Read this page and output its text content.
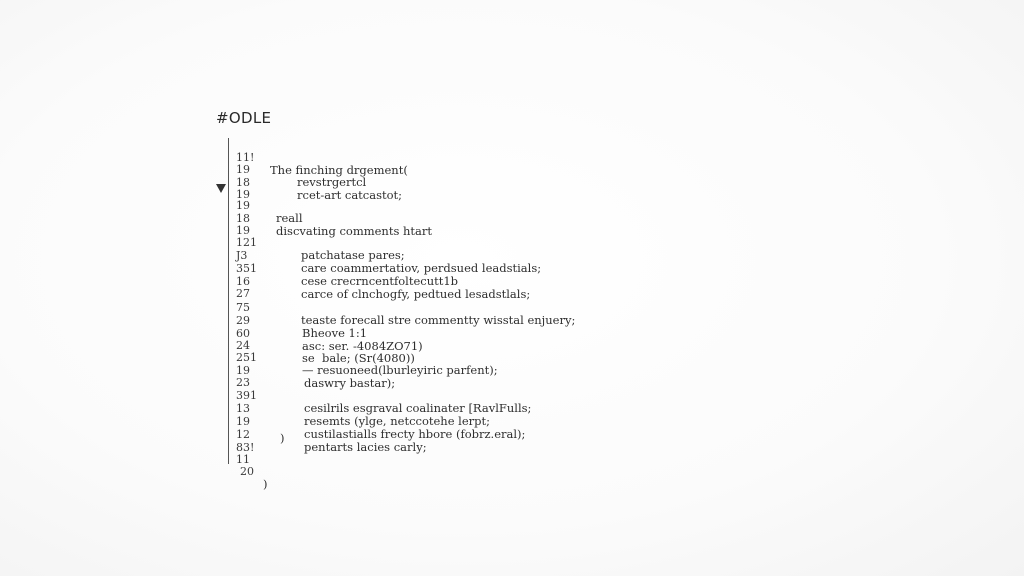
#ODLE

11!

The finching drgement(

19

revstrgertcl

18

rcet-art catcastot;

19

19

reall

18

discvating comments htart

19

121

patchatase pares;

J3

care coammertatiov, perdsued leadstials;

351

cese crecrncentfoltecutt1b

16

carce of clnchogfy, pedtued lesadstlals;

27

75

teaste forecall stre commentty wisstal enjuery;

29

Bheove 1:1

60

asc: ser. -4084ZO71)

24

se  bale; (Sr(4080))

251

— resuoneed(lburleyiric parfent);

19

daswry bastar);

23

391

cesilrils esgraval coalinater [RavlFulls;

13

resemts (ylge, netccotehe lerpt;

19

custilastialls frecty hbore (fobrz.eral);

12

pentarts lacies carly;

83!

)

11

20

)
